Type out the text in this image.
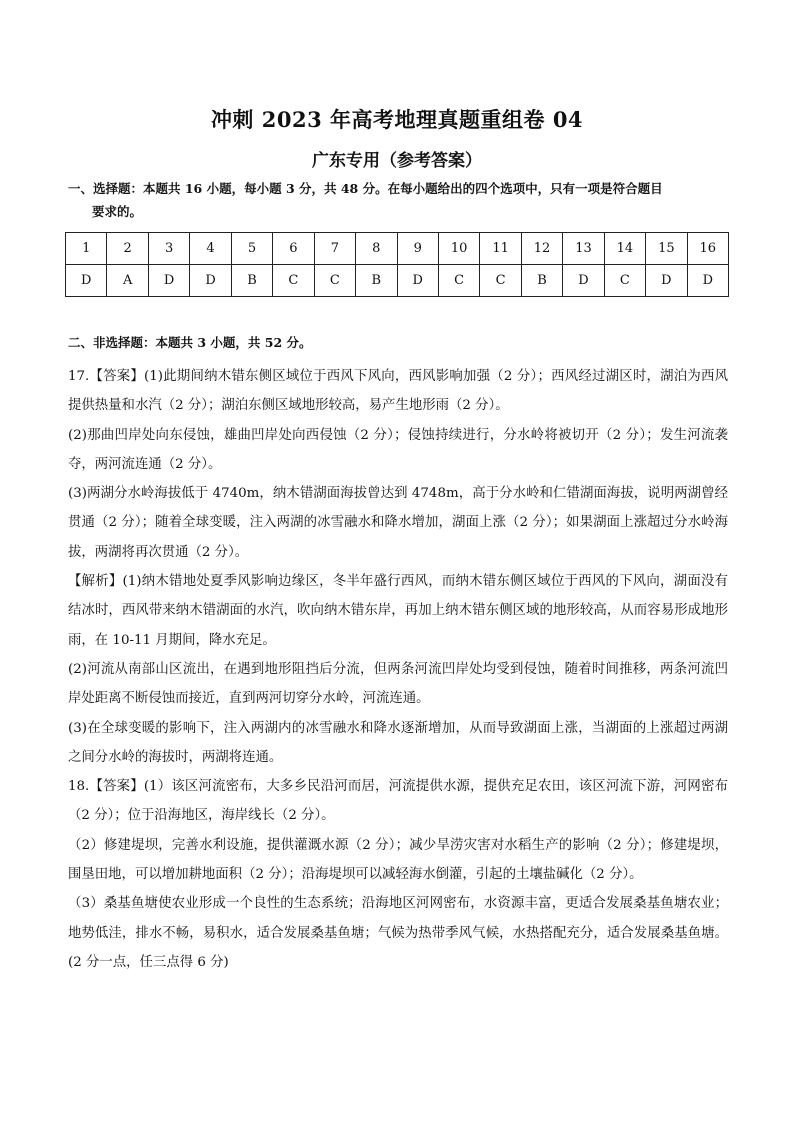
冲刺 2023 年高考地理真题重组卷 04
广东专用（参考答案）
一、选择题：本题共 16 小题，每小题 3 分，共 48 分。在每小题给出的四个选项中，只有一项是符合题目
要求的。
1	2	3	4	5	6	7	8	9	10	11	12	13	14	15	16
D	A	D	D	B	C	C	B	D	C	C	B	D	C	D	D
二、非选择题：本题共 3 小题，共 52 分。

17.【答案】(1)此期间纳木错东侧区域位于西风下风向，西风影响加强（2 分）；西风经过湖区时，湖泊为西风提供热量和水汽（2 分）；湖泊东侧区域地形较高，易产生地形雨（2 分）。

(2)那曲凹岸处向东侵蚀，雄曲凹岸处向西侵蚀（2 分）；侵蚀持续进行，分水岭将被切开（2 分）；发生河流袭夺，两河流连通（2 分）。

(3)两湖分水岭海拔低于 4740m，纳木错湖面海拔曾达到 4748m，高于分水岭和仁错湖面海拔，说明两湖曾经贯通（2 分）；随着全球变暖，注入两湖的冰雪融水和降水增加，湖面上涨（2 分）；如果湖面上涨超过分水岭海拔，两湖将再次贯通（2 分）。

【解析】(1)纳木错地处夏季风影响边缘区，冬半年盛行西风，而纳木错东侧区域位于西风的下风向，湖面没有结冰时，西风带来纳木错湖面的水汽，吹向纳木错东岸，再加上纳木错东侧区域的地形较高，从而容易形成地形雨，在 10-11 月期间，降水充足。

(2)河流从南部山区流出，在遇到地形阻挡后分流，但两条河流凹岸处均受到侵蚀，随着时间推移，两条河流凹岸处距离不断侵蚀而接近，直到两河切穿分水岭，河流连通。

(3)在全球变暖的影响下，注入两湖内的冰雪融水和降水逐渐增加，从而导致湖面上涨，当湖面的上涨超过两湖之间分水岭的海拔时，两湖将连通。

18.【答案】(1）该区河流密布，大多乡民沿河而居，河流提供水源，提供充足农田，该区河流下游，河网密布（2 分）；位于沿海地区，海岸线长（2 分）。

（2）修建堤坝，完善水利设施，提供灌溉水源（2 分）；减少旱涝灾害对水稻生产的影响（2 分）；修建堤坝，围垦田地，可以增加耕地面积（2 分）；沿海堤坝可以减轻海水倒灌，引起的土壤盐碱化（2 分）。

（3）桑基鱼塘使农业形成一个良性的生态系统；沿海地区河网密布，水资源丰富，更适合发展桑基鱼塘农业；地势低洼，排水不畅，易积水，适合发展桑基鱼塘；气候为热带季风气候，水热搭配充分，适合发展桑基鱼塘。(2 分一点，任三点得 6 分)
